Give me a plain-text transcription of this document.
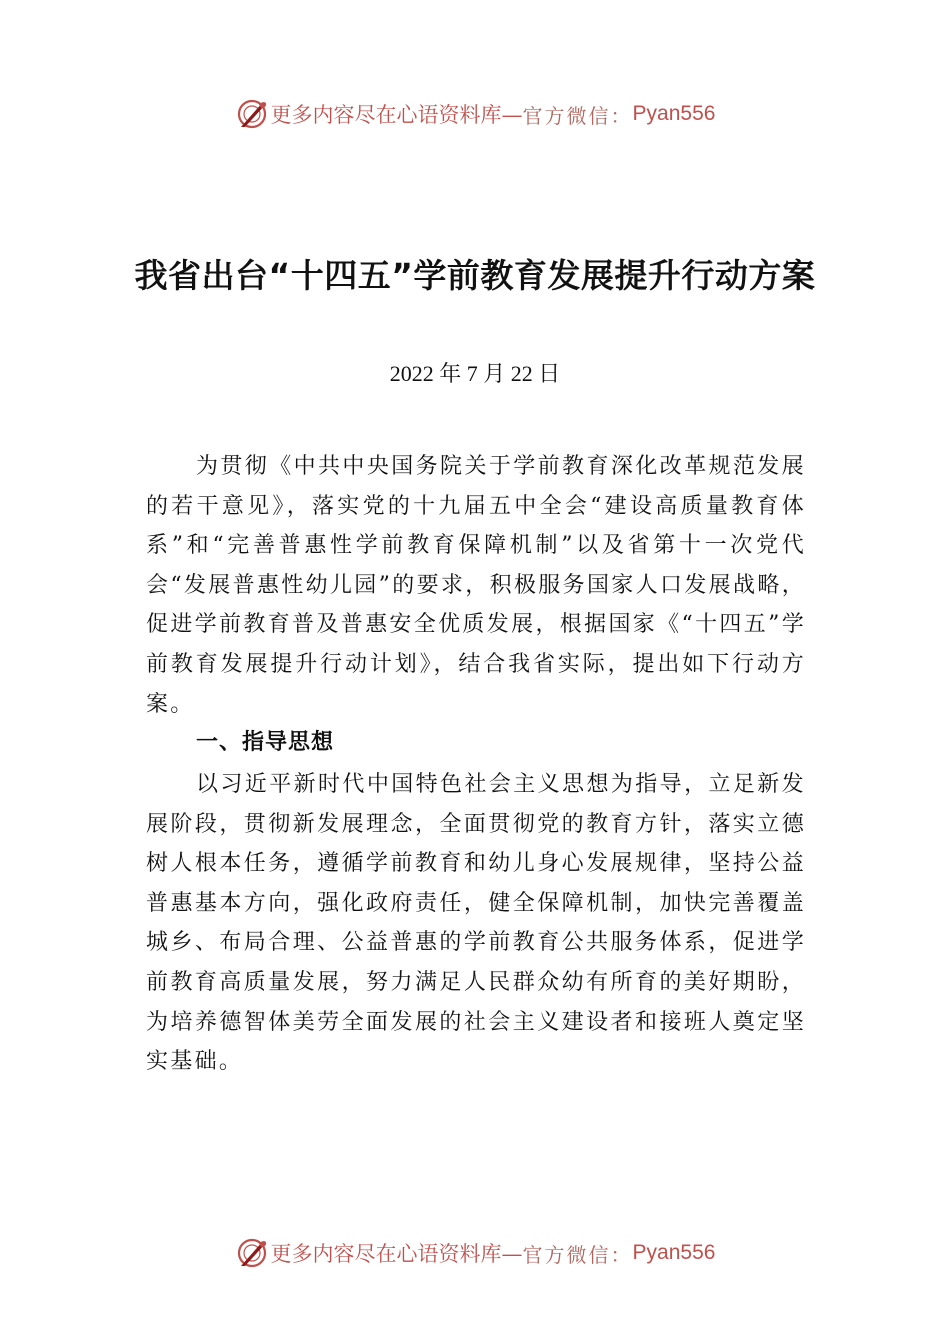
更多内容尽在心语资料库— 官方微信： Pyan556
我省出台“十四五”学前教育发展提升行动方案
2022 年 7 月 22 日

为贯彻《中共中央国务院关于学前教育深化改革规范发展的若干意见》，落实党的十九届五中全会“建设高质量教育体系”和“完善普惠性学前教育保障机制”以及省第十一次党代会“发展普惠性幼儿园”的要求，积极服务国家人口发展战略，促进学前教育普及普惠安全优质发展，根据国家《“十四五”学前教育发展提升行动计划》，结合我省实际，提出如下行动方案。

一、指导思想

以习近平新时代中国特色社会主义思想为指导，立足新发展阶段，贯彻新发展理念，全面贯彻党的教育方针，落实立德树人根本任务，遵循学前教育和幼儿身心发展规律，坚持公益普惠基本方向，强化政府责任，健全保障机制，加快完善覆盖城乡、布局合理、公益普惠的学前教育公共服务体系，促进学前教育高质量发展，努力满足人民群众幼有所育的美好期盼，为培养德智体美劳全面发展的社会主义建设者和接班人奠定坚实基础。

更多内容尽在心语资料库— 官方微信： Pyan556
